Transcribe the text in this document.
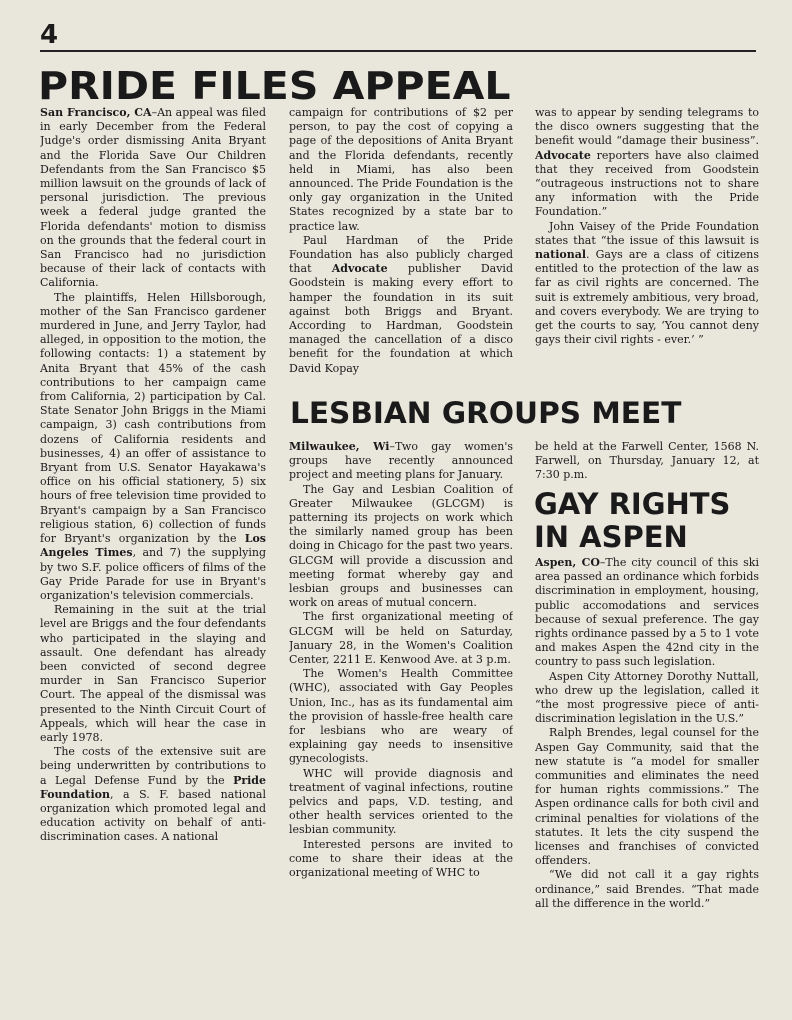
4
PRIDE FILES APPEAL

San Francisco, CA–An appeal was filed in early December from the Federal Judge's order dismissing Anita Bryant and the Florida Save Our Children Defendants from the San Francisco $5 million lawsuit on the grounds of lack of personal jurisdiction. The previous week a federal judge granted the Florida defendants' motion to dismiss on the grounds that the federal court in San Francisco had no jurisdiction because of their lack of contacts with California.

The plaintiffs, Helen Hillsborough, mother of the San Francisco gardener murdered in June, and Jerry Taylor, had alleged, in opposition to the motion, the following contacts: 1) a statement by Anita Bryant that 45% of the cash contributions to her campaign came from California, 2) participation by Cal. State Senator John Briggs in the Miami campaign, 3) cash contributions from dozens of California residents and businesses, 4) an offer of assistance to Bryant from U.S. Senator Hayakawa's office on his official stationery, 5) six hours of free television time provided to Bryant's campaign by a San Francisco religious station, 6) collection of funds for Bryant's organization by the Los Angeles Times, and 7) the supplying by two S.F. police officers of films of the Gay Pride Parade for use in Bryant's organization's television commercials.

Remaining in the suit at the trial level are Briggs and the four defendants who participated in the slaying and assault. One defendant has already been convicted of second degree murder in San Francisco Superior Court. The appeal of the dismissal was presented to the Ninth Circuit Court of Appeals, which will hear the case in early 1978.

The costs of the extensive suit are being underwritten by contributions to a Legal Defense Fund by the Pride Foundation, a S. F. based national organization which promoted legal and education activity on behalf of anti-discrimination cases. A national

campaign for contributions of $2 per person, to pay the cost of copying a page of the depositions of Anita Bryant and the Florida defendants, recently held in Miami, has also been announced. The Pride Foundation is the only gay organization in the United States recognized by a state bar to practice law.

Paul Hardman of the Pride Foundation has also publicly charged that Advocate publisher David Goodstein is making every effort to hamper the foundation in its suit against both Briggs and Bryant. According to Hardman, Goodstein managed the cancellation of a disco benefit for the foundation at which David Kopay

was to appear by sending telegrams to the disco owners suggesting that the benefit would “damage their business”. Advocate reporters have also claimed that they received from Goodstein “outrageous instructions not to share any information with the Pride Foundation.”

John Vaisey of the Pride Foundation states that “the issue of this lawsuit is national. Gays are a class of citizens entitled to the protection of the law as far as civil rights are concerned. The suit is extremely ambitious, very broad, and covers everybody. We are trying to get the courts to say, ‘You cannot deny gays their civil rights - ever.’ ”

LESBIAN GROUPS MEET

Milwaukee, Wi–Two gay women's groups have recently announced project and meeting plans for January.

The Gay and Lesbian Coalition of Greater Milwaukee (GLCGM) is patterning its projects on work which the similarly named group has been doing in Chicago for the past two years. GLCGM will provide a discussion and meeting format whereby gay and lesbian groups and businesses can work on areas of mutual concern.

The first organizational meeting of GLCGM will be held on Saturday, January 28, in the Women's Coalition Center, 2211 E. Kenwood Ave. at 3 p.m.

The Women's Health Committee (WHC), associated with Gay Peoples Union, Inc., has as its fundamental aim the provision of hassle-free health care for lesbians who are weary of explaining gay needs to insensitive gynecologists.

WHC will provide diagnosis and treatment of vaginal infections, routine pelvics and paps, V.D. testing, and other health services oriented to the lesbian community.

Interested persons are invited to come to share their ideas at the organizational meeting of WHC to

be held at the Farwell Center, 1568 N. Farwell, on Thursday, January 12, at 7:30 p.m.

GAY RIGHTS IN ASPEN

Aspen, CO–The city council of this ski area passed an ordinance which forbids discrimination in employment, housing, public accomodations and services because of sexual preference. The gay rights ordinance passed by a 5 to 1 vote and makes Aspen the 42nd city in the country to pass such legislation.

Aspen City Attorney Dorothy Nuttall, who drew up the legislation, called it “the most progressive piece of anti-discrimination legislation in the U.S.”

Ralph Brendes, legal counsel for the Aspen Gay Community, said that the new statute is “a model for smaller communities and eliminates the need for human rights commissions.” The Aspen ordinance calls for both civil and criminal penalties for violations of the statutes. It lets the city suspend the licenses and franchises of convicted offenders.

“We did not call it a gay rights ordinance,” said Brendes. “That made all the difference in the world.”
